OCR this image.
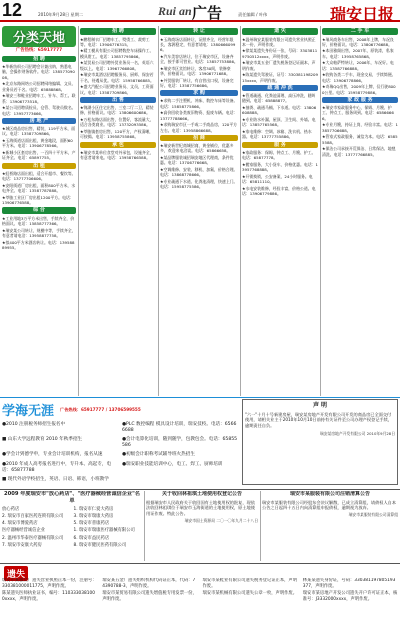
12	2010年9月28日 星期二	Rui an 广告	责任编辑 / 叶伟	瑞安日报
分类天地
广告热线：65917777
招 聘
★华新纺织公司招聘会计兼出纳，熟悉电脑，会操作财务软件。电话：13857709008。
★北京东路网络公司招聘网络编辑、文员、业务员若干名。电话：65888868。
★瑞安三和鞋业招聘车工、针车、帮工。联系：13906773518。
★某公司招聘质检员、仓管、驾驶员数名。电话：13957773666。
房 地 产
★城区商品房出售，精装，119平方米，面议。电话：13587709866。
★玉海街道店面出租，黄金地段，面积60平方米。电话：13906778566。
★新城小区套房出售，一百四十平方米，产证齐全。电话：65897755。
出 租
★虹桥路店面出租，适合开超市、餐饮等。电话：13777706606。
★安阳街道厂房出租，面积800平方米，水电齐全。电话：13587787888。
★莘塍工业区厂房出租1200平方。电话：13906776588。
综 合
★工业用地3万平方米出售，手续齐全，价格面议。电话：15858777366。
★瑞安某公司转让，规模中等，手续齐全，有意者请电洽：13958877758。
★拟400平方米酒店转让。电话：13958889955。
招 聘
★鹏程制衣厂招聘车工、熨烫工、裁剪工等。电话：13906776315。
★精工模具有限公司招聘数控车床操作工、模具钳工。电话：13857795866。
★某贸易公司招聘外贸业务员一名，英语六级以上。电话：13967766808。
★瑞安市某酒店招聘服务员、厨师、保安若干名，待遇从优。电话：15958766885。
★盛大汽配公司招聘业务员、文员，工资面议。电话：13587709866。
出 售
★锦湖小区住宅出售，三室二厅二卫，精装修，价格面议。电话：13806600686。
★万松东路店面出售，位置好，客流量大，适合各类商业。电话：13732093586。
★莘塍镇套房出售，120平方，产权清晰，可按揭。电话：13958755868。
承 包
★瑞安市某单位食堂对外承包，设施齐全，有意者请来电。电话：13958766588。
转 让
★玉海商场店面转让，证照齐全，经营年限长，客源稳定，有意者请电：13806660996。
★汽车美容店转让，位于瑞安市区，设备齐全，接手即可营业。电话：13857753886。
★瑞安市区宾馆转让，客房30间，装修豪华，价格面议。电话：13906771688。
★外贸服装厂转让，有自营出口权，设备完好。电话：13587756686。
求 购
★求购二手注塑机、冲床、数控车床等设备。电话：15858775866。
★高价回收各类废旧物资、报废车辆。电话：13777788666。
★求购瑞安市区一手或二手商品房，120平方左右。电话：13958866688。
招 商
★瑞安新世纪商城招商，黄金铺位，优惠多多，欢迎来电洽谈。电话：65866658。
★某品牌服装诚招瑞安地区代理商，条件优惠。电话：13706776668。
★空调维修、安装、移机、加氟，价格合理。电话：13868778666。
★专业疏通下水道、化粪池清理，快速上门。电话：15958775586。
遗 失
★温州瑞安某服装有限公司遗失营业执照正本一份，声明作废。
★徐某某遗失身份证一张，号码：33038119750512xxxx，声明作废。
★瑞安市某五金厂遗失税务登记证副本，声明作废。
★陈某遗失驾驶证，证号：33038119820915xxxx，声明作废。
疏 通 冲 洗
★管道疏通、化粪池清理、高压冲洗，随叫随到。电话：65888877。
★抽粪、疏通马桶、下水道。电话：13806608888。
★专业防水补漏，屋顶、卫生间、外墙。电话：13857765568。
★家电维修：空调、冰箱、洗衣机、热水器。电话：13777755886。
服 务
★家政服务：保姆、钟点工、月嫂、护工。电话：65877778。
★搬家服务，大小货车，价格优惠。电话：13957768888。
★开锁换锁，公安备案，24小时服务。电话：65811110。
★水电安装维修，经验丰富，价格公道。电话：13906779886。
二 手 车
★瑞风商务车出售，2008年上牌，车况良好，价格面议。电话：13806776688。
★本田雅阁出售，2007年，原装漆，私家车。电话：13958765868。
★大众帕萨特转让，2006年，车况好。电话：13587766888。
★收购各类二手车，现金交易，手续简便。电话：13906778866。
★奇瑞QQ出售，2009年上牌，仅行驶8000公里。电话：15958779886。
家 政 服 务
★瑞安市家政服务中心，保姆、月嫂、护工、钟点工，服务周到。电话：65866666。
★专业月嫂，持证上岗，经验丰富。电话：13857706688。
★管家式家政服务，诚信为本。电话：65855588。
★保洁公司承接开荒保洁、日常保洁、地毯清洗。电话：13777766885。
学海无涯 广告热线：65917777 / 13706599555
●2010 注册税务师招生报名中	●PLC 数控编程 模具设计培训，瑞安技校。电话：65666688
■ 山东大学远程教育 2010 年秋季招生	●会计电算化培训，随到随学，包教包会。电话：65855586
●学会计到德学申，专业会计培训机构，报名从速	●初级会计职称考试辅导班火热招生
●2010 年成人高考报名进行中，专升本、高起专，电话：65877788
●瑞安职业技能培训中心，电工、焊工、厨师培训
■ 现代外语学校招生，英语、日语、韩语，小班教学
声 明
"六一"十月十号新建房屋，瑞安某房地产开发有限公司开发的商品房已全面交付使用，请相关业主于2010年10月10日前持有关证件至公司办理产权登记手续，逾期责任自负。
瑞安某房地产开发有限公司 2010年9月28日
2009 年度瑞安市"放心药店"、"医疗器械经营诚信企业"名单
放心药店	1. 瑞安市仁爱大药房
2. 瑞安市百家医药连锁有限公司	3. 瑞安市瑞康大药房
4. 瑞安市博爱药店	5. 瑞安市普康药店
医疗器械经营诚信企业	1. 瑞安市瑞康医疗器械有限公司
2. 温州市华泰医疗器械有限公司	6. 瑞安市益民药店
7. 瑞安市安康大药房	8. 瑞安市健民医药有限公司
关于收回林祖琪土地使用权登记公告
根据瑞安市人民政府关于收回国有土地使用权的批复，现依法收回林祖琪位于瑞安市玉海街道的土地使用权，原土地使用证作废。特此公告。
瑞安市国土资源局 二〇一〇年九月二十八日
瑞安市某服装有限公司注销清算公告
瑞安市某服装有限公司经股东会决议解散，已成立清算组，请债权人自本公告之日起四十五日内向清算组申报债权，逾期视为放弃。
瑞安市某服装有限公司清算组
遗失
瑞安市某服装厂遗失营业执照正本一份，注册号：330381000011775，声明作废。
瑞安某五金厂遗失组织机构代码证正本，代码：74390788-3，声明作废。
瑞安市某鞋业有限公司遗失税务登记证正本，声明作废。
林某某遗失身份证，号码：330381197805193377，声明作废。
陈某遗失医师执业证书，编号：1103330381000xxxx，声明作废。
瑞安市某贸易有限公司遗失增值税专用发票一份，声明作废。
瑞安市某机械有限公司遗失公章一枚，声明作废。 瑞安市某房地产开发公司遗失开户许可证正本，核准号：J3332000xxxx，声明作废。
